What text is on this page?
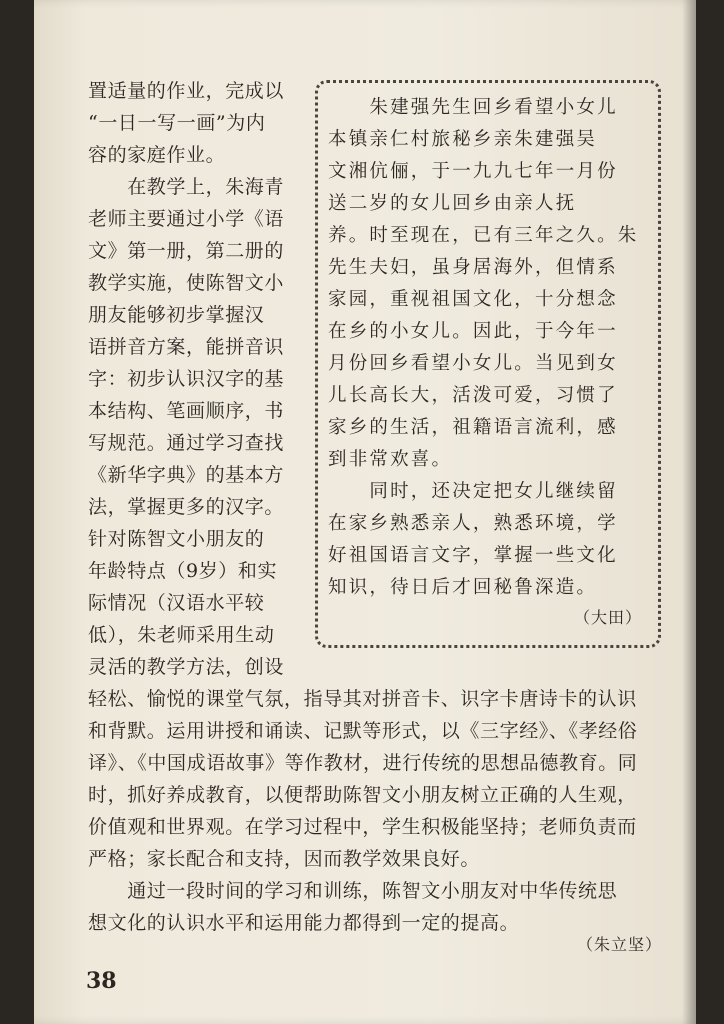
置适量的作业，完成以
“一日一写一画”为内
容的家庭作业。
　　在教学上，朱海青
老师主要通过小学《语
文》第一册，第二册的
教学实施，使陈智文小
朋友能够初步掌握汉
语拼音方案，能拼音识
字：初步认识汉字的基
本结构、笔画顺序，书
写规范。通过学习查找
《新华字典》的基本方
法，掌握更多的汉字。
针对陈智文小朋友的
年龄特点（9岁）和实
际情况（汉语水平较
低），朱老师采用生动
灵活的教学方法，创设
　　朱建强先生回乡看望小女儿
本镇亲仁村旅秘乡亲朱建强吴
文湘伉俪，于一九九七年一月份
送二岁的女儿回乡由亲人抚
养。时至现在，已有三年之久。朱
先生夫妇，虽身居海外，但情系
家园，重视祖国文化，十分想念
在乡的小女儿。因此，于今年一
月份回乡看望小女儿。当见到女
儿长高长大，活泼可爱，习惯了
家乡的生活，祖籍语言流利，感
到非常欢喜。
　　同时，还决定把女儿继续留
在家乡熟悉亲人，熟悉环境，学
好祖国语言文字，掌握一些文化
知识，待日后才回秘鲁深造。
（大田）
轻松、愉悦的课堂气氛，指导其对拼音卡、识字卡唐诗卡的认识
和背默。运用讲授和诵读、记默等形式，以《三字经》、《孝经俗
译》、《中国成语故事》等作教材，进行传统的思想品德教育。同
时，抓好养成教育，以便帮助陈智文小朋友树立正确的人生观，
价值观和世界观。在学习过程中，学生积极能坚持；老师负责而
严格；家长配合和支持，因而教学效果良好。
　　通过一段时间的学习和训练，陈智文小朋友对中华传统思
想文化的认识水平和运用能力都得到一定的提高。
（朱立坚）
38
